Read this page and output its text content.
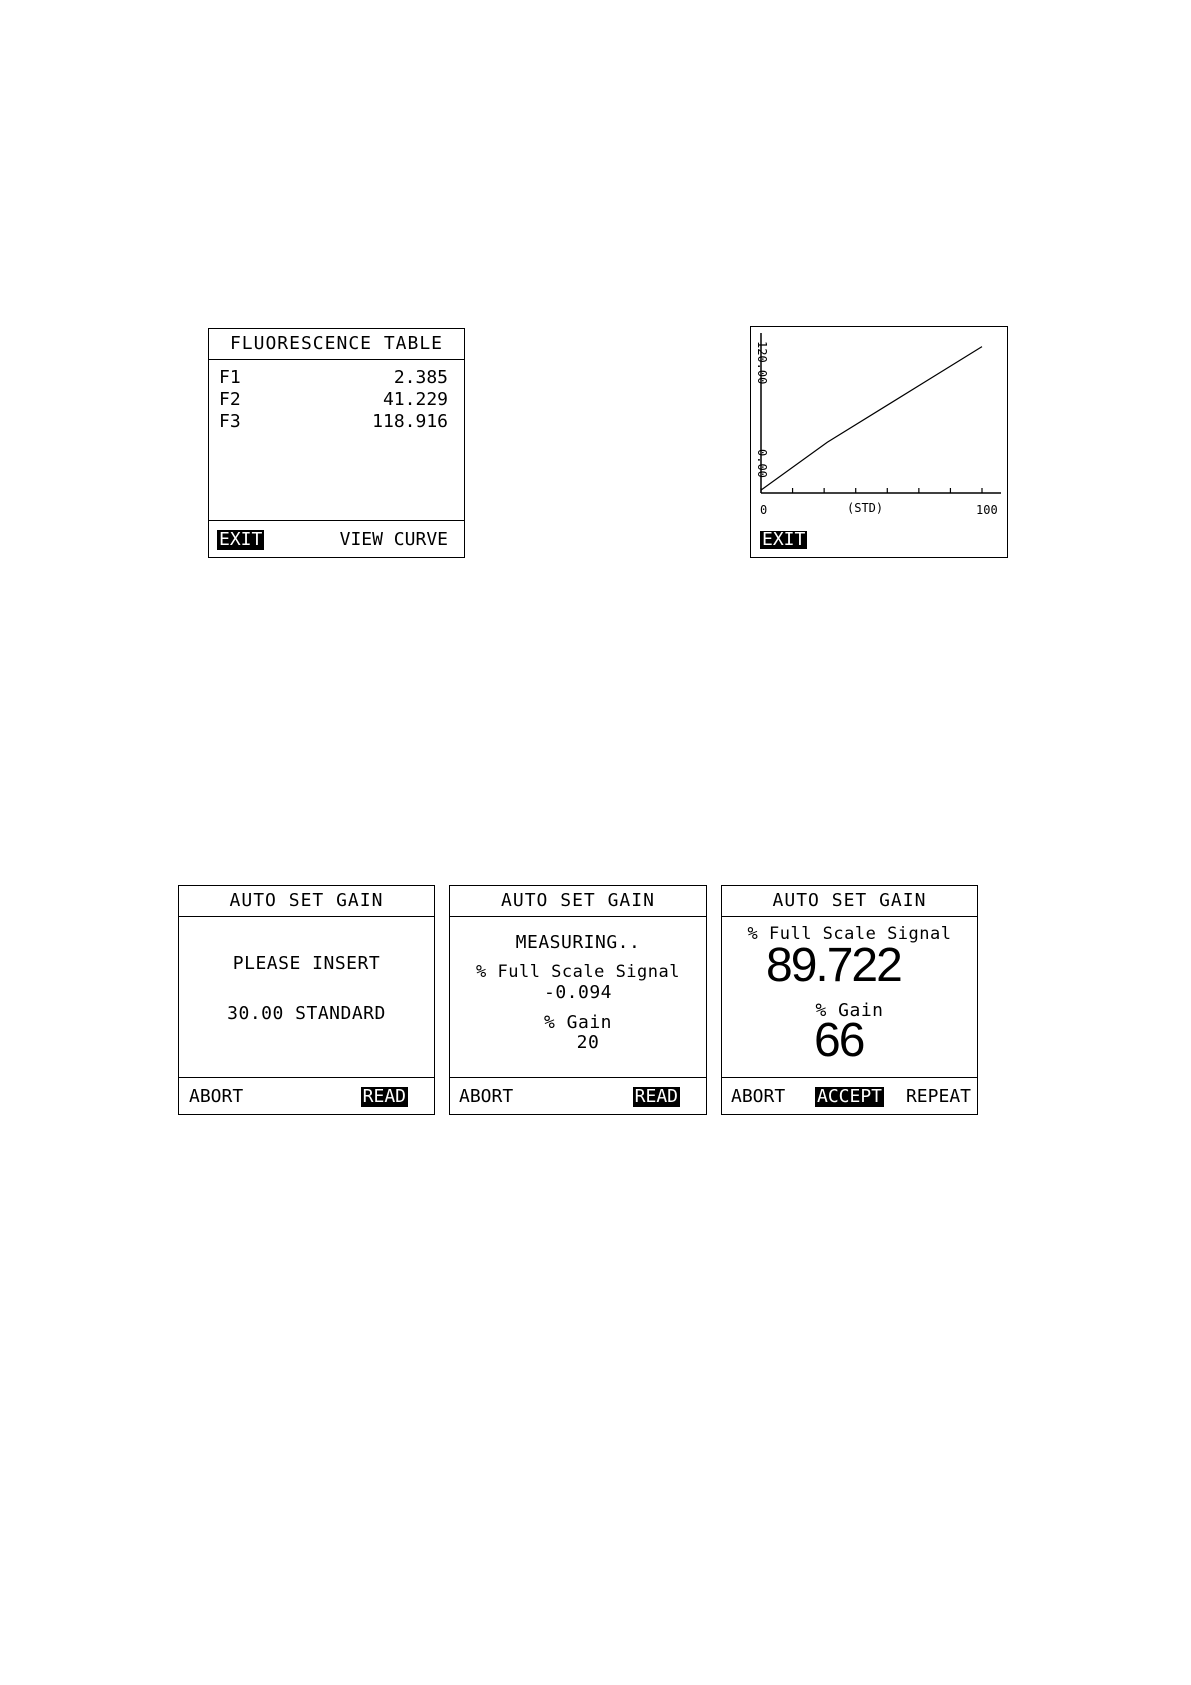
FLUORESCENCE TABLE
F1	2.385
F2	41.229
F3	118.916
EXIT	VIEW CURVE
120.00
0.00
0	(STD)	100
EXIT
AUTO SET GAIN
PLEASE INSERT
30.00 STANDARD
ABORT	READ
AUTO SET GAIN
MEASURING..
% Full Scale Signal
-0.094
% Gain
20
ABORT	READ
AUTO SET GAIN
% Full Scale Signal
89.722
% Gain
66
ABORT ACCEPT REPEAT
